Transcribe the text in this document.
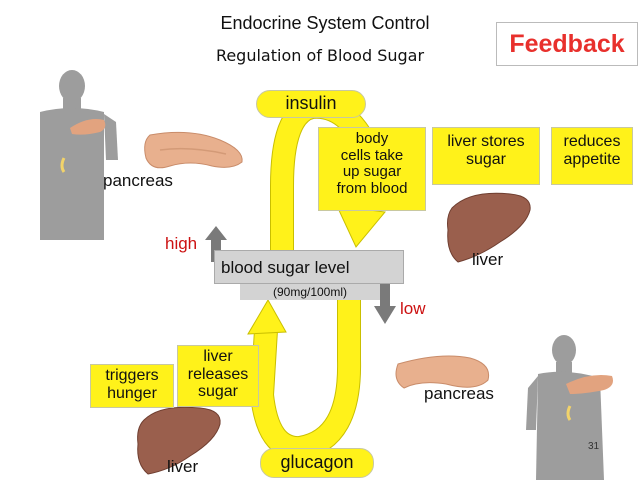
Endocrine System Control
Regulation of Blood Sugar	Feedback
insulin
glucagon
body
cells take
up sugar
from blood
liver stores
sugar
reduces
appetite
liver
releases
sugar
triggers
hunger
pancreas
pancreas
high
low
liver
liver
blood sugar level
(90mg/100ml)
31
